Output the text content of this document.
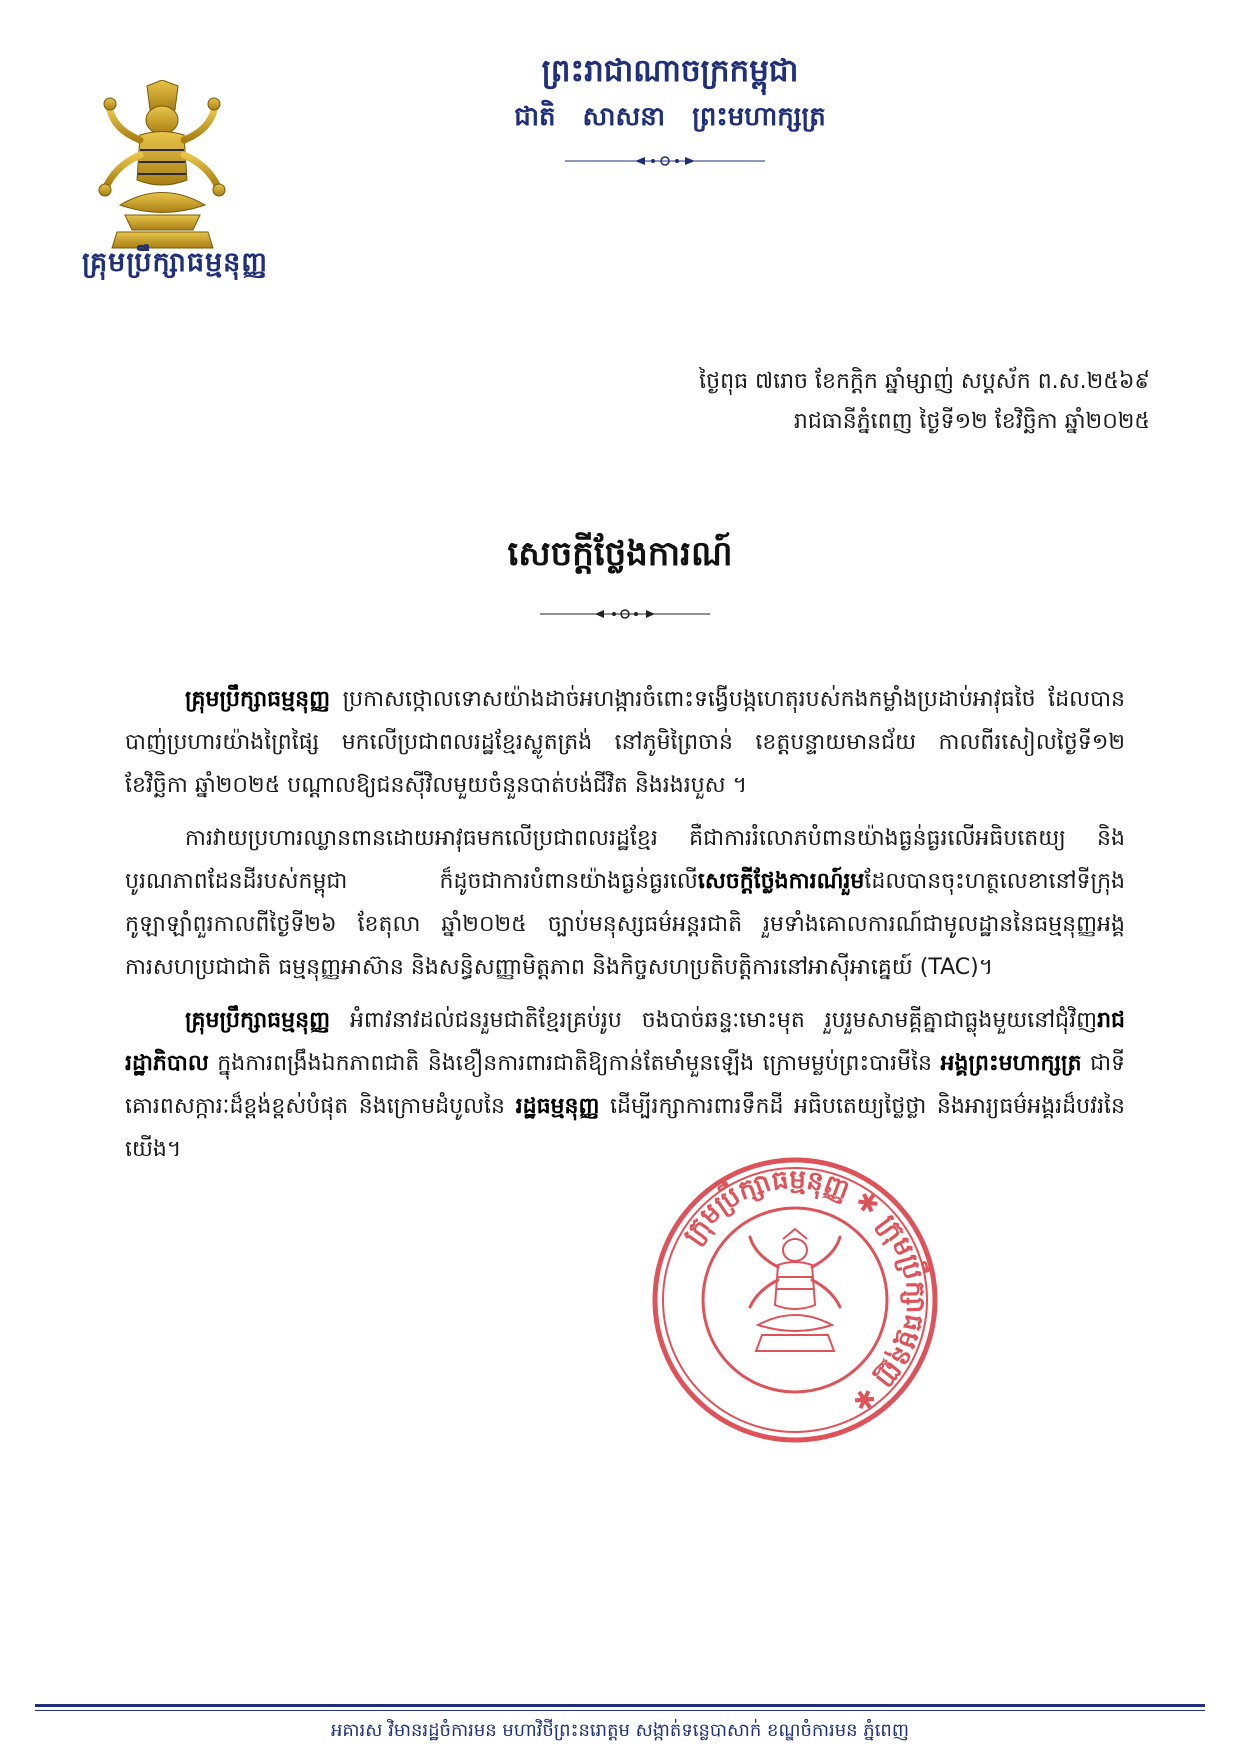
គ្រុមប្រឹក្សាធម្មនុញ្ញ
ព្រះរាជាណាចក្រកម្ពុជា
ជាតិ សាសនា ព្រះមហាក្សត្រ
ថ្ងៃពុធ ៧រោច ខែកក្តិក ឆ្នាំម្សាញ់ សប្តស័ក ព.ស.២៥៦៩
រាជធានីភ្នំពេញ ថ្ងៃទី១២ ខែវិច្ឆិកា ឆ្នាំ២០២៥
សេចក្តីថ្លែងការណ៍

គ្រុមប្រឹក្សាធម្មនុញ្ញ ប្រកាសថ្កោលទោសយ៉ាងដាច់អហង្ការចំពោះទង្វើបង្កហេតុរបស់កងកម្លាំងប្រដាប់អាវុធថៃ ដែលបានបាញ់ប្រហារយ៉ាងព្រៃផ្សៃ មកលើប្រជាពលរដ្ឋខ្មែរស្លូតត្រង់ នៅភូមិព្រៃចាន់ ខេត្តបន្ទាយមានជ័យ កាលពីរសៀលថ្ងៃទី១២ ខែវិច្ឆិកា ឆ្នាំ២០២៥ បណ្តាលឱ្យជនស៊ីវិលមួយចំនួនបាត់បង់ជីវិត និងរងរបួស ។

ការវាយប្រហារឈ្លានពានដោយអាវុធមកលើប្រជាពលរដ្ឋខ្មែរ គឺជាការរំលោភបំពានយ៉ាងធ្ងន់ធ្ងរលើអធិបតេយ្យ និងបូរណភាពដែនដីរបស់កម្ពុជា ក៏ដូចជាការបំពានយ៉ាងធ្ងន់ធ្ងរលើសេចក្តីថ្លែងការណ៍រួមដែលបានចុះហត្ថលេខានៅទីក្រុងកូឡាឡាំពួរកាលពីថ្ងៃទី២៦ ខែតុលា ឆ្នាំ២០២៥ ច្បាប់មនុស្សធម៌អន្តរជាតិ រួមទាំងគោលការណ៍ជាមូលដ្ឋាននៃធម្មនុញ្ញអង្គការសហប្រជាជាតិ ធម្មនុញ្ញអាស៊ាន និងសន្ធិសញ្ញាមិត្តភាព និងកិច្ចសហប្រតិបត្តិការនៅអាស៊ីអាគ្នេយ៍ (TAC)។

គ្រុមប្រឹក្សាធម្មនុញ្ញ អំពាវនាវដល់ជនរួមជាតិខ្មែរគ្រប់រូប ចងបាច់ឆន្ទៈមោះមុត រួបរួមសាមគ្គីគ្នាជាធ្លុងមួយនៅជុំវិញរាជរដ្ឋាភិបាល ក្នុងការពង្រឹងឯកភាពជាតិ និងខឿនការពារជាតិឱ្យកាន់តែមាំមួនឡើង ក្រោមម្លប់ព្រះបារមីនៃ អង្គព្រះមហាក្សត្រ ជាទីគោរពសក្ការៈដ៏ខ្ពង់ខ្ពស់បំផុត និងក្រោមដំបូលនៃ រដ្ឋធម្មនុញ្ញ ដើម្បីរក្សាការពារទឹកដី អធិបតេយ្យថ្លៃថ្លា និងអារ្យធម៌អង្គរដ៏បវរនៃយើង។

ក្រុមប្រឹក្សាធម្មនុញ្ញ ✱ ក្រុមប្រឹក្សាធម្មនុញ្ញ ✱
អគារស វិមានរដ្ឋចំការមន មហាវិថីព្រះនរោត្តម សង្កាត់ទន្លេបាសាក់ ខណ្ឌចំការមន ភ្នំពេញ
